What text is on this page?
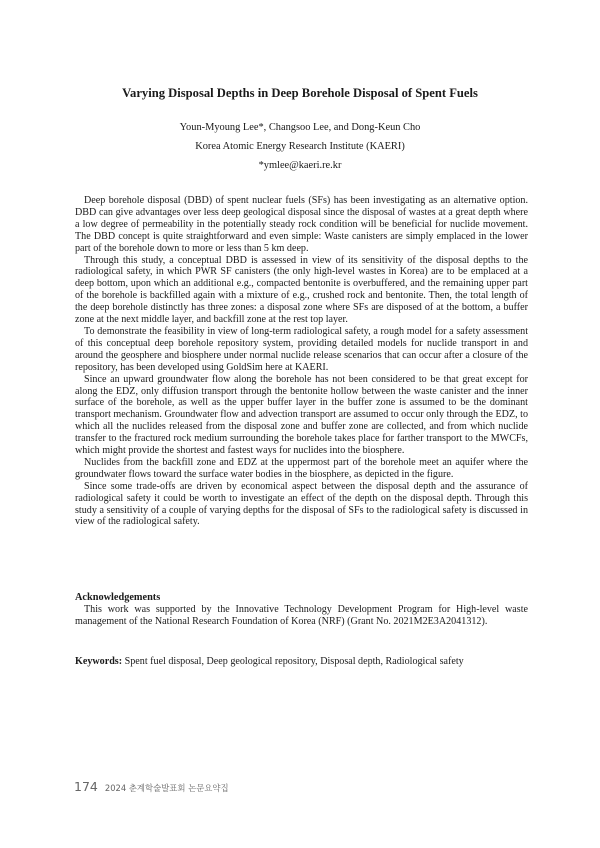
Varying Disposal Depths in Deep Borehole Disposal of Spent Fuels
Youn-Myoung Lee*, Changsoo Lee, and Dong-Keun Cho
Korea Atomic Energy Research Institute (KAERI)
*ymlee@kaeri.re.kr

Deep borehole disposal (DBD) of spent nuclear fuels (SFs) has been investigating as an alternative option. DBD can give advantages over less deep geological disposal since the disposal of wastes at a great depth where a low degree of permeability in the potentially steady rock condition will be beneficial for nuclide movement. The DBD concept is quite straightforward and even simple: Waste canisters are simply emplaced in the lower part of the borehole down to more or less than 5 km deep.

Through this study, a conceptual DBD is assessed in view of its sensitivity of the disposal depths to the radiological safety, in which PWR SF canisters (the only high-level wastes in Korea) are to be emplaced at a deep bottom, upon which an additional e.g., compacted bentonite is overbuffered, and the remaining upper part of the borehole is backfilled again with a mixture of e.g., crushed rock and bentonite. Then, the total length of the deep borehole distinctly has three zones: a disposal zone where SFs are disposed of at the bottom, a buffer zone at the next middle layer, and backfill zone at the rest top layer.

To demonstrate the feasibility in view of long-term radiological safety, a rough model for a safety assessment of this conceptual deep borehole repository system, providing detailed models for nuclide transport in and around the geosphere and biosphere under normal nuclide release scenarios that can occur after a closure of the repository, has been developed using GoldSim here at KAERI.

Since an upward groundwater flow along the borehole has not been considered to be that great except for along the EDZ, only diffusion transport through the bentonite hollow between the waste canister and the inner surface of the borehole, as well as the upper buffer layer in the buffer zone is assumed to be the dominant transport mechanism. Groundwater flow and advection transport are assumed to occur only through the EDZ, to which all the nuclides released from the disposal zone and buffer zone are collected, and from which nuclide transfer to the fractured rock medium surrounding the borehole takes place for farther transport to the MWCFs, which might provide the shortest and fastest ways for nuclides into the biosphere.

Nuclides from the backfill zone and EDZ at the uppermost part of the borehole meet an aquifer where the groundwater flows toward the surface water bodies in the biosphere, as depicted in the figure.

Since some trade-offs are driven by economical aspect between the disposal depth and the assurance of radiological safety it could be worth to investigate an effect of the depth on the disposal depth. Through this study a sensitivity of a couple of varying depths for the disposal of SFs to the radiological safety is discussed in view of the radiological safety.

Acknowledgements
This work was supported by the Innovative Technology Development Program for High-level waste management of the National Research Foundation of Korea (NRF) (Grant No. 2021M2E3A2041312).
Keywords: Spent fuel disposal, Deep geological repository, Disposal depth, Radiological safety
174 2024 춘계학술발표회 논문요약집
